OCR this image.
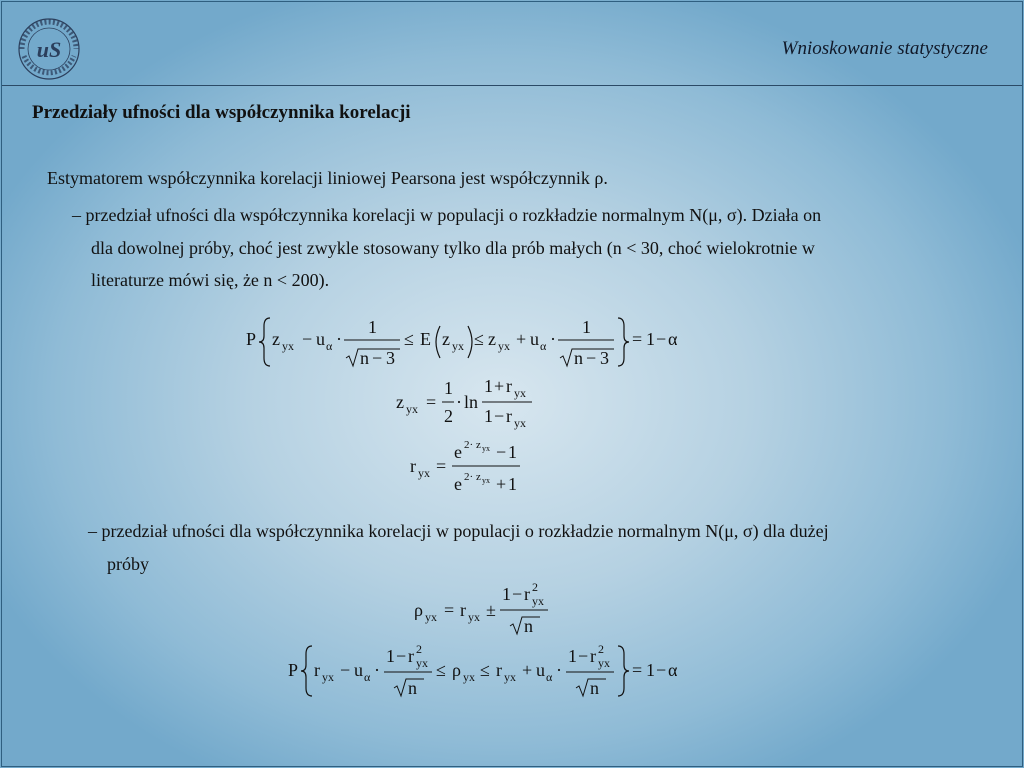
uS	Wnioskowanie statystyczne
Przedziały ufności dla współczynnika korelacji
Estymatorem współczynnika korelacji liniowej Pearsona jest współczynnik ρ.
– przedział ufności dla współczynnika korelacji w populacji o rozkładzie normalnym N(μ, σ). Działa on
dla dowolnej próby, choć jest zwykle stosowany tylko dla prób małych (n < 30, choć wielokrotnie w
literaturze mówi się, że n < 200).
P z yx − u α ·
1
n − 3
≤ E z yx ≤ z yx + u α ·
1
n − 3
= 1 − α
z yx =
1
2
· ln
1 + r yx
1 − r yx
r yx =
e 2· z yx − 1
e 2· z yx + 1
– przedział ufności dla współczynnika korelacji w populacji o rozkładzie normalnym N(μ, σ) dla dużej
próby
ρ yx = r yx ±
1 − r 2
yx
n
P r yx − u α ·
1 − r 2
yx
n
≤ ρ yx ≤ r yx + u α ·
1 − r 2
yx
n
= 1 − α
